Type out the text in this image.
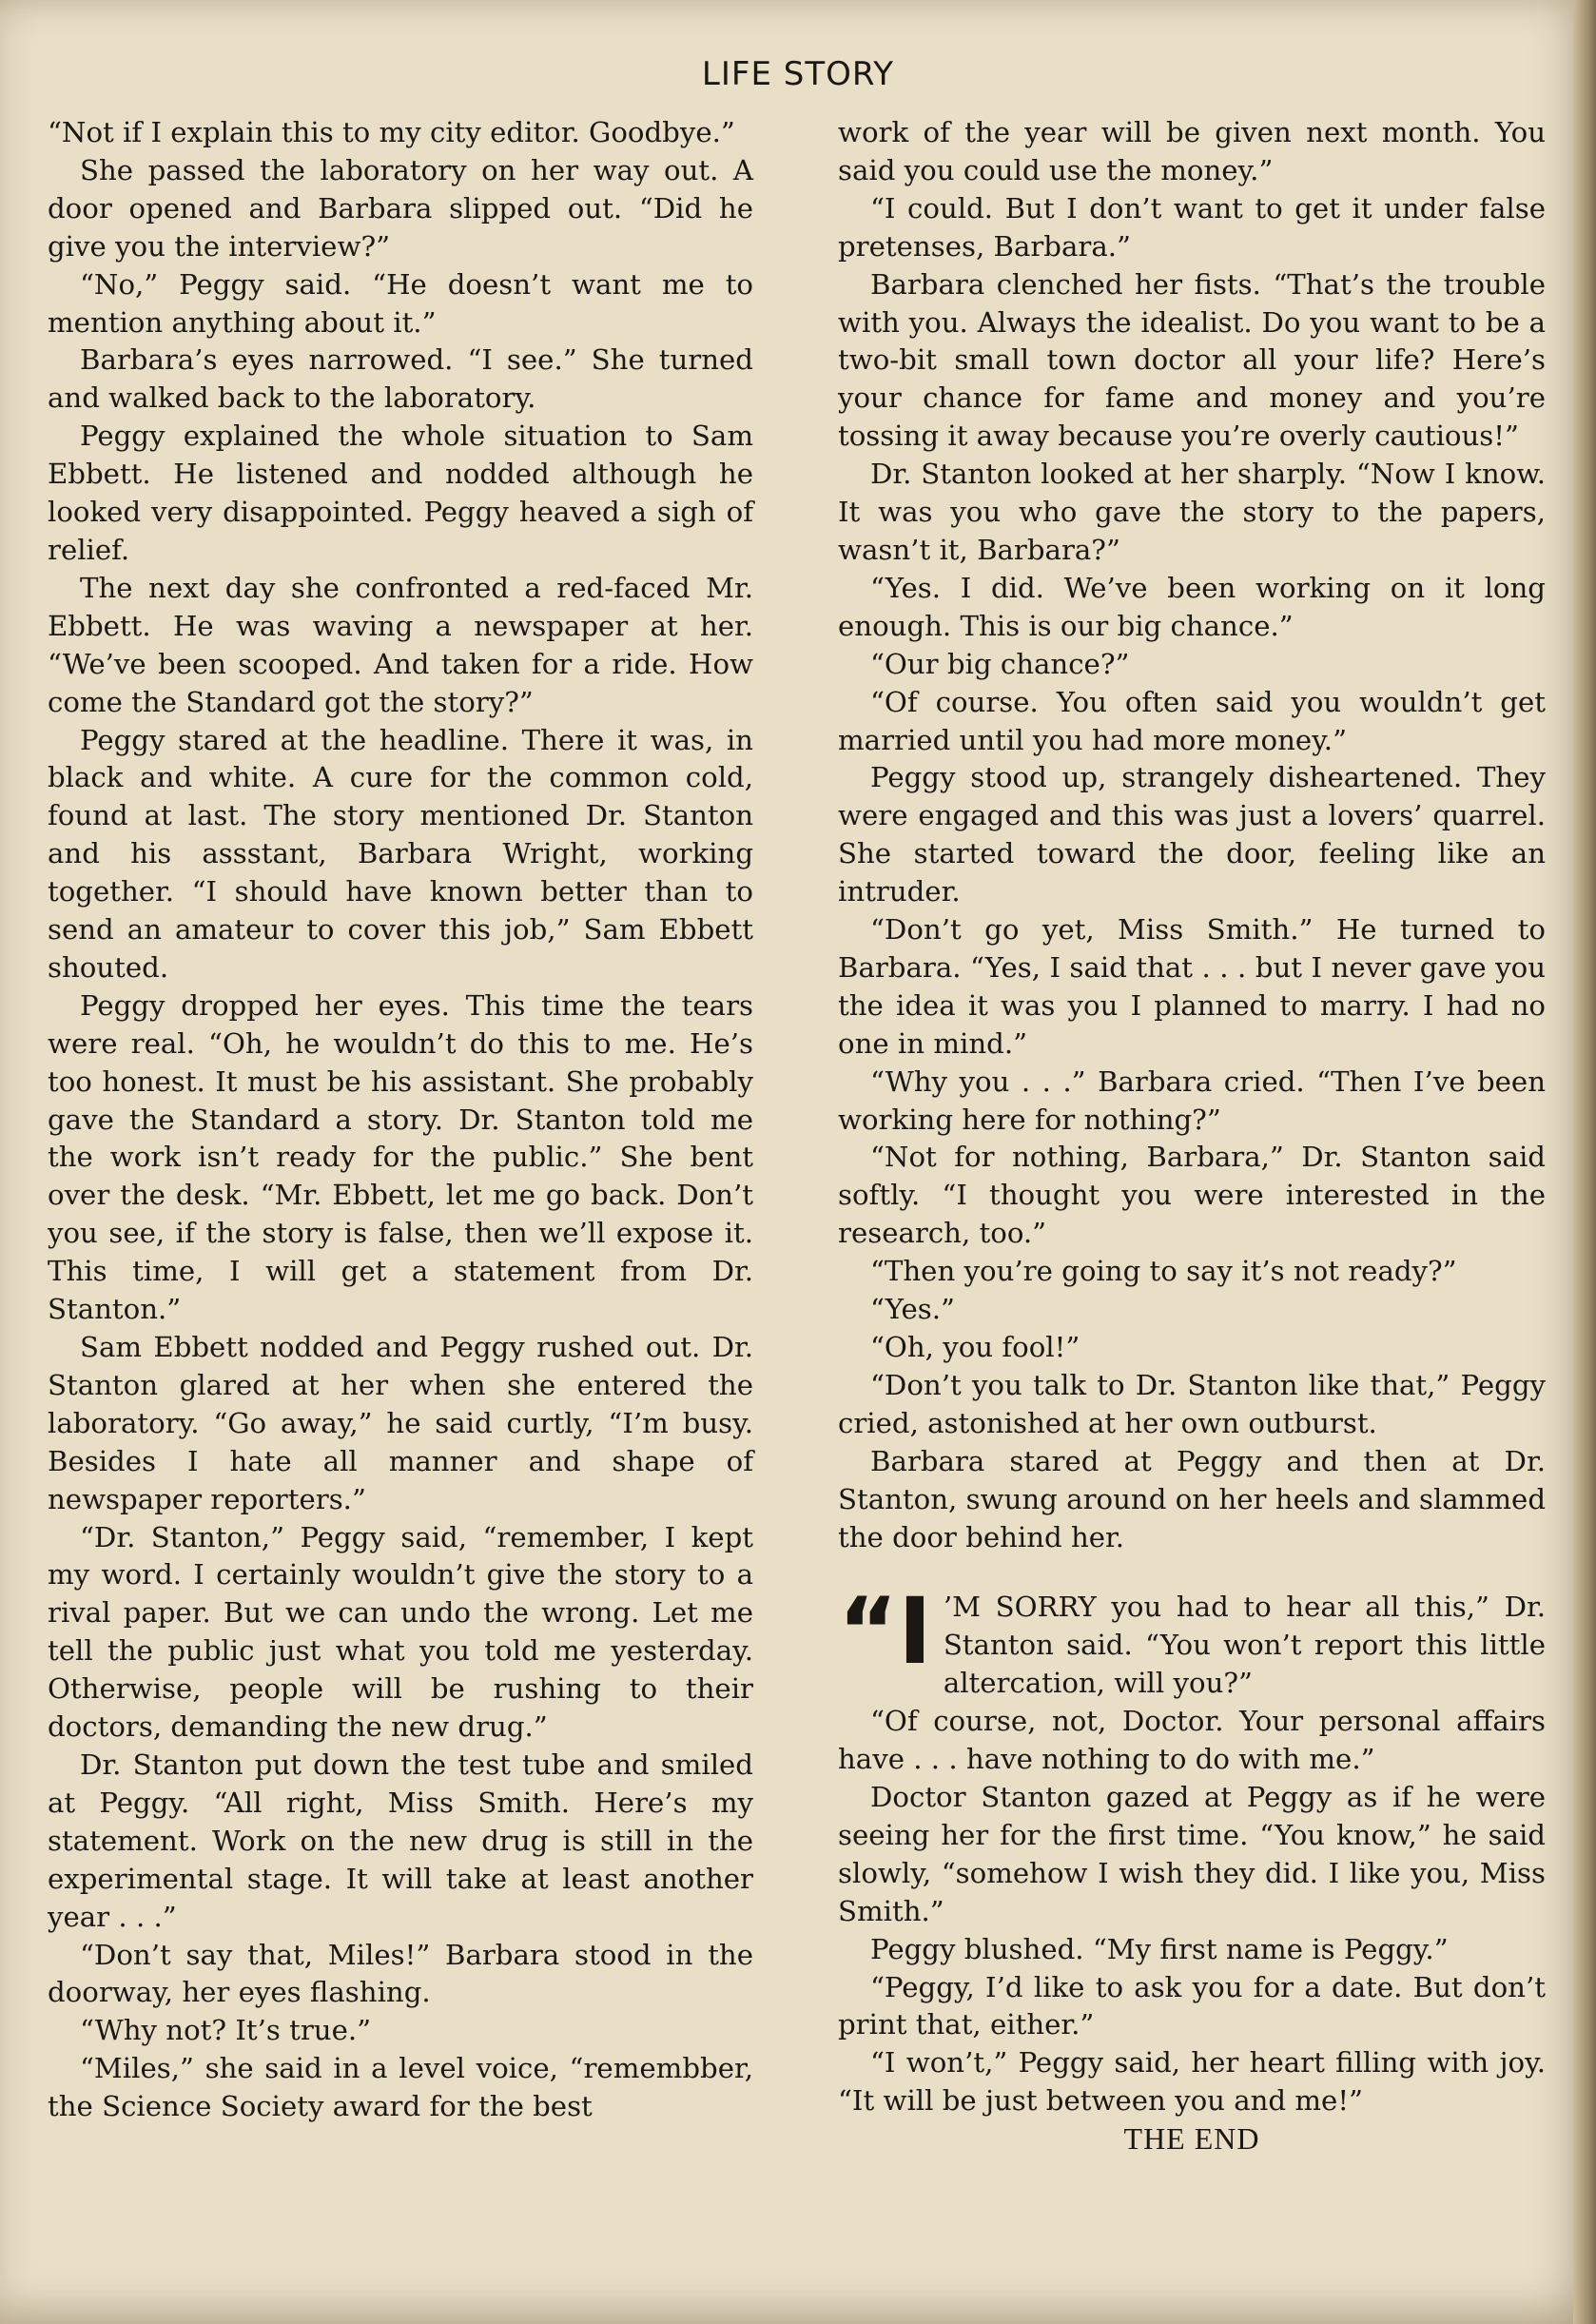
LIFE STORY

“Not if I explain this to my city editor. Goodbye.”

She passed the laboratory on her way out. A door opened and Barbara slipped out. “Did he give you the interview?”

“No,” Peggy said. “He doesn’t want me to mention anything about it.”

Barbara’s eyes narrowed. “I see.” She turned and walked back to the laboratory.

Peggy explained the whole situation to Sam Ebbett. He listened and nodded although he looked very disappointed. Peggy heaved a sigh of relief.

The next day she confronted a red-faced Mr. Ebbett. He was waving a newspaper at her. “We’ve been scooped. And taken for a ride. How come the Standard got the story?”

Peggy stared at the headline. There it was, in black and white. A cure for the common cold, found at last. The story mentioned Dr. Stanton and his assstant, Barbara Wright, working together. “I should have known better than to send an amateur to cover this job,” Sam Ebbett shouted.

Peggy dropped her eyes. This time the tears were real. “Oh, he wouldn’t do this to me. He’s too honest. It must be his assistant. She probably gave the Standard a story. Dr. Stanton told me the work isn’t ready for the public.” She bent over the desk. “Mr. Ebbett, let me go back. Don’t you see, if the story is false, then we’ll expose it. This time, I will get a statement from Dr. Stanton.”

Sam Ebbett nodded and Peggy rushed out. Dr. Stanton glared at her when she entered the laboratory. “Go away,” he said curtly, “I’m busy. Besides I hate all manner and shape of newspaper reporters.”

“Dr. Stanton,” Peggy said, “remember, I kept my word. I certainly wouldn’t give the story to a rival paper. But we can undo the wrong. Let me tell the public just what you told me yesterday. Otherwise, people will be rushing to their doctors, demanding the new drug.”

Dr. Stanton put down the test tube and smiled at Peggy. “All right, Miss Smith. Here’s my statement. Work on the new drug is still in the experimental stage. It will take at least another year . . .”

“Don’t say that, Miles!” Barbara stood in the doorway, her eyes flashing.

“Why not? It’s true.”

“Miles,” she said in a level voice, “remembber, the Science Society award for the best

work of the year will be given next month. You said you could use the money.”

“I could. But I don’t want to get it under false pretenses, Barbara.”

Barbara clenched her fists. “That’s the trouble with you. Always the idealist. Do you want to be a two-bit small town doctor all your life? Here’s your chance for fame and money and you’re tossing it away because you’re overly cautious!”

Dr. Stanton looked at her sharply. “Now I know. It was you who gave the story to the papers, wasn’t it, Barbara?”

“Yes. I did. We’ve been working on it long enough. This is our big chance.”

“Our big chance?”

“Of course. You often said you wouldn’t get married until you had more money.”

Peggy stood up, strangely disheartened. They were engaged and this was just a lovers’ quarrel. She started toward the door, feeling like an intruder.

“Don’t go yet, Miss Smith.” He turned to Barbara. “Yes, I said that . . . but I never gave you the idea it was you I planned to marry. I had no one in mind.”

“Why you . . .” Barbara cried. “Then I’ve been working here for nothing?”

“Not for nothing, Barbara,” Dr. Stanton said softly. “I thought you were interested in the research, too.”

“Then you’re going to say it’s not ready?”

“Yes.”

“Oh, you fool!”

“Don’t you talk to Dr. Stanton like that,” Peggy cried, astonished at her own outburst.

Barbara stared at Peggy and then at Dr. Stanton, swung around on her heels and slammed the door behind her.

“I ’M SORRY you had to hear all this,” Dr. Stanton said. “You won’t report this little altercation, will you?”

“Of course, not, Doctor. Your personal affairs have . . . have nothing to do with me.”

Doctor Stanton gazed at Peggy as if he were seeing her for the first time. “You know,” he said slowly, “somehow I wish they did. I like you, Miss Smith.”

Peggy blushed. “My first name is Peggy.”

“Peggy, I’d like to ask you for a date. But don’t print that, either.”

“I won’t,” Peggy said, her heart filling with joy. “It will be just between you and me!”

THE END
